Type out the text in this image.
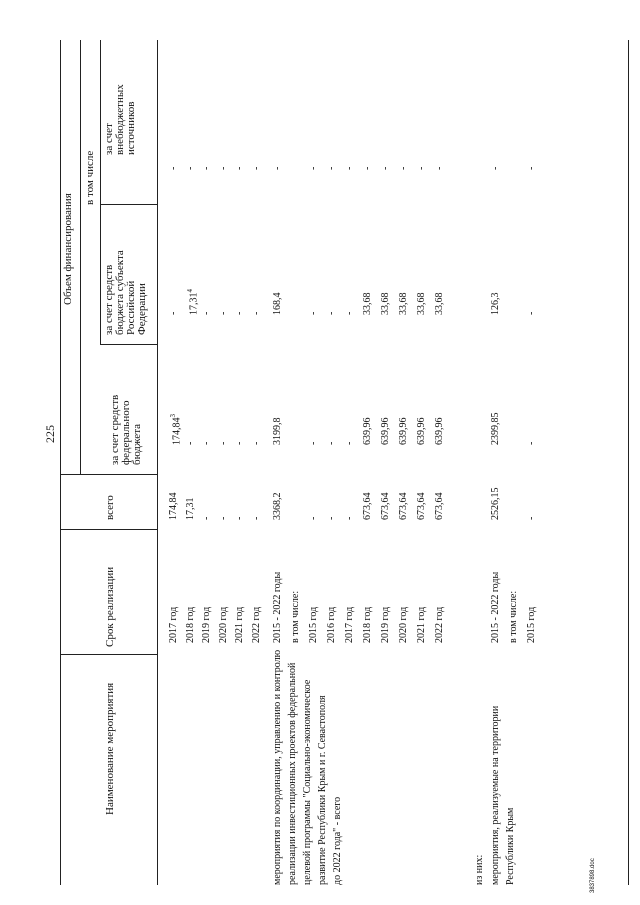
225
Наименование мероприятия
Срок реализации
всего
Объем финансирования
в том числе
за счет средств федерального бюджета
за счет средств бюджета субъекта Российской Федерации
за счет внебюджетных источников
2017 год
174,84
174,84$^3$
-
-
2018 год
17,31
-
17,31$^4$
-
2019 год
-
-
-
-
2020 год
-
-
-
-
2021 год
-
-
-
-
2022 год
-
-
-
-
мероприятия по координации, управлению и контролю реализации инвестиционных проектов федеральной целевой программы "Социально-экономическое развитие Республики Крым и г. Севастополя до 2022 года" - всего
2015 - 2022 годы
3368,2
3199,8
168,4
-
в том числе: 2015 год
-
-
-
-
2016 год
-
-
-
-
2017 год
-
-
-
-
2018 год
673,64
639,96
33,68
-
2019 год
673,64
639,96
33,68
-
2020 год
673,64
639,96
33,68
-
2021 год
673,64
639,96
33,68
-
2022 год
673,64
639,96
33,68
-
из них: мероприятия, реализуемые на территории Республики Крым
2015 - 2022 годы
2526,15
2399,85
126,3
-
в том числе: 2015 год
-
-
-
-
3837898.doc
